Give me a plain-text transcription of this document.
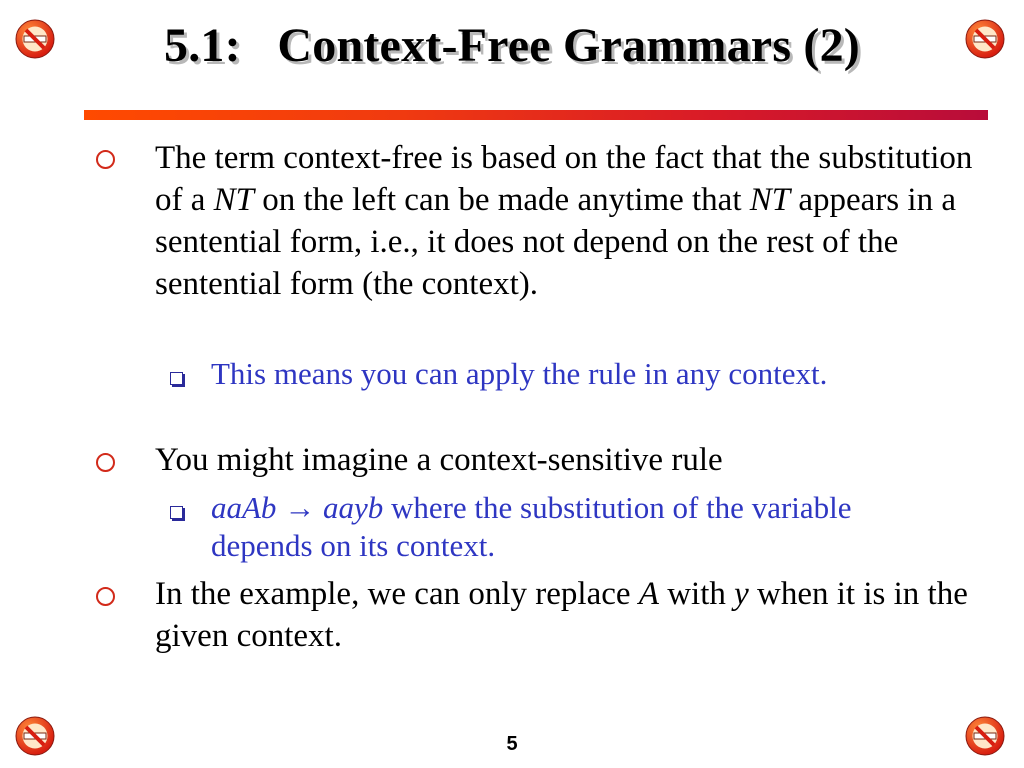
5.1:   Context-Free Grammars (2)
The term context-free is based on the fact that the substitution of a NT on the left can be made anytime that NT appears in a sentential form, i.e., it does not depend on the rest of the sentential form (the context).
This means you can apply the rule in any context.
You might imagine a context-sensitive rule
aaAb → aayb where the substitution of the variable depends on its context.
In the example, we can only replace A with y when it is in the given context.
5
